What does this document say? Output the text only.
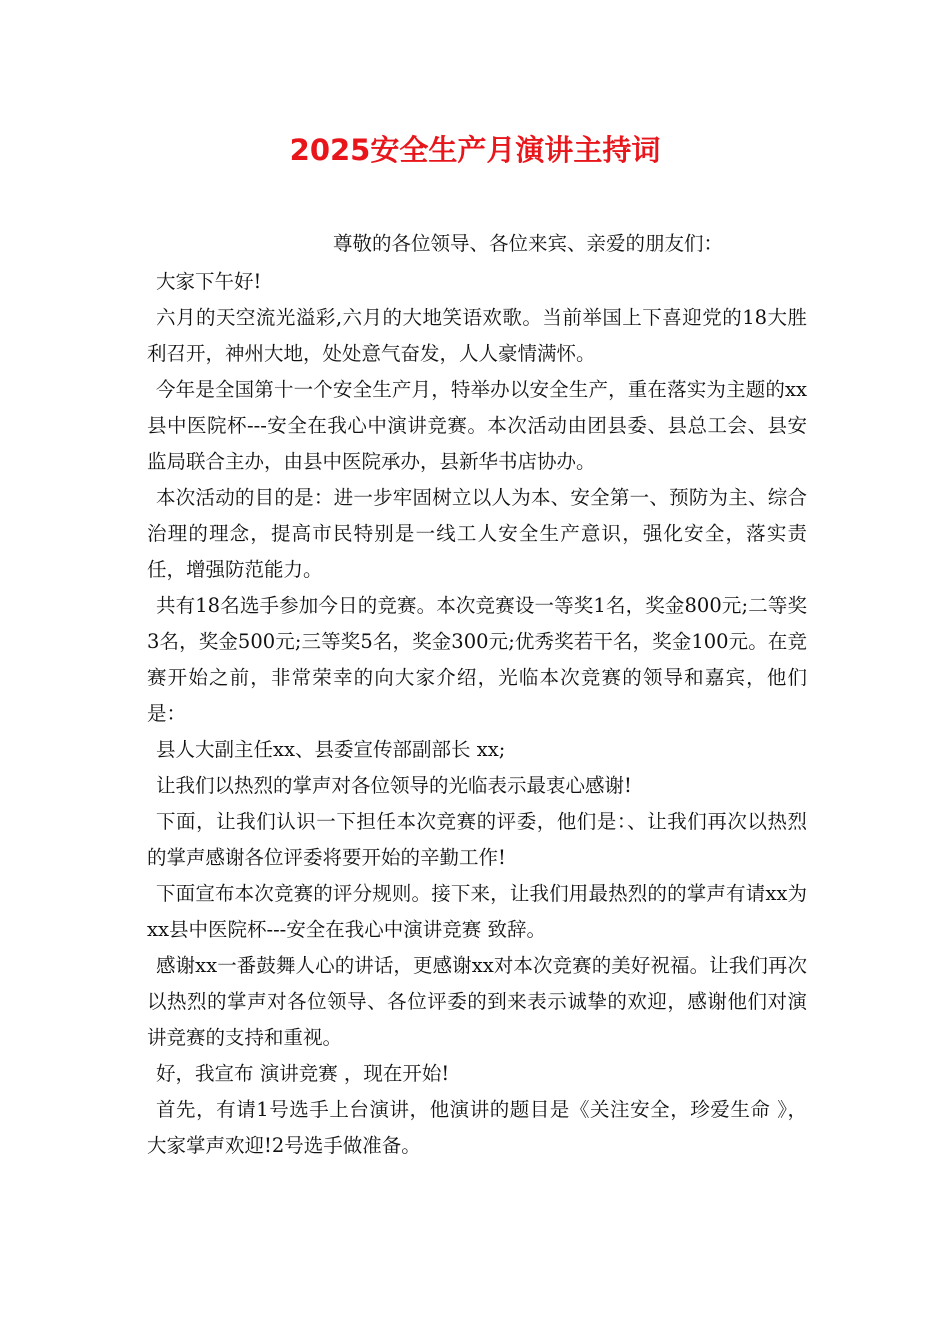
2025安全生产月演讲主持词
尊敬的各位领导、各位来宾、亲爱的朋友们：

大家下午好!

六月的天空流光溢彩,六月的大地笑语欢歌。当前举国上下喜迎党的18大胜利召开，神州大地，处处意气奋发，人人豪情满怀。

今年是全国第十一个安全生产月，特举办以安全生产，重在落实为主题的xx县中医院杯---安全在我心中演讲竞赛。本次活动由团县委、县总工会、县安监局联合主办，由县中医院承办，县新华书店协办。

本次活动的目的是：进一步牢固树立以人为本、安全第一、预防为主、综合治理的理念，提高市民特别是一线工人安全生产意识，强化安全，落实责任，增强防范能力。

共有18名选手参加今日的竞赛。本次竞赛设一等奖1名，奖金800元;二等奖3名，奖金500元;三等奖5名，奖金300元;优秀奖若干名，奖金100元。在竞赛开始之前，非常荣幸的向大家介绍，光临本次竞赛的领导和嘉宾，他们是：

县人大副主任xx、县委宣传部副部长 xx;

让我们以热烈的掌声对各位领导的光临表示最衷心感谢!

下面，让我们认识一下担任本次竞赛的评委，他们是：、让我们再次以热烈的掌声感谢各位评委将要开始的辛勤工作!

下面宣布本次竞赛的评分规则。接下来，让我们用最热烈的的掌声有请xx为xx县中医院杯---安全在我心中演讲竞赛 致辞。

感谢xx一番鼓舞人心的讲话，更感谢xx对本次竞赛的美好祝福。让我们再次以热烈的掌声对各位领导、各位评委的到来表示诚挚的欢迎，感谢他们对演讲竞赛的支持和重视。

好，我宣布 演讲竞赛 ，现在开始!

首先，有请1号选手上台演讲，他演讲的题目是《关注安全，珍爱生命 》，大家掌声欢迎!2号选手做准备。
